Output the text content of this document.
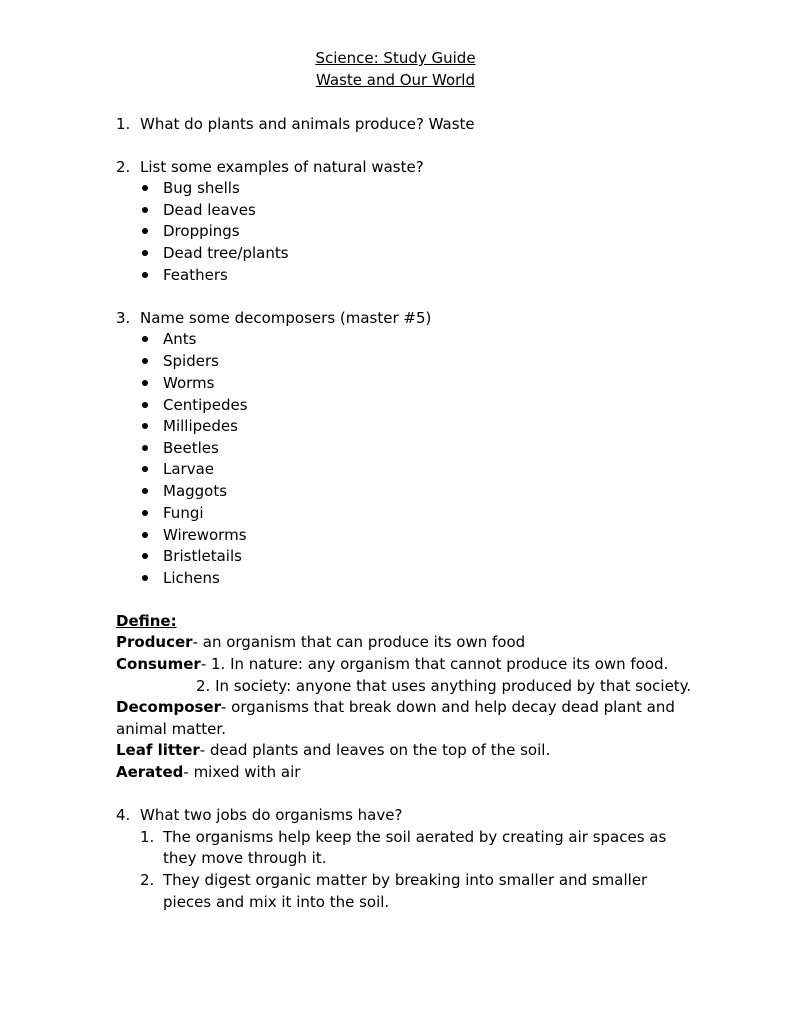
Science: Study Guide
Waste and Our World
1. What do plants and animals produce? Waste
2. List some examples of natural waste?
Bug shells
Dead leaves
Droppings
Dead tree/plants
Feathers
3. Name some decomposers (master #5)
Ants
Spiders
Worms
Centipedes
Millipedes
Beetles
Larvae
Maggots
Fungi
Wireworms
Bristletails
Lichens
Define:
Producer- an organism that can produce its own food
Consumer- 1. In nature: any organism that cannot produce its own food.
2. In society: anyone that uses anything produced by that society.
Decomposer- organisms that break down and help decay dead plant and
animal matter.
Leaf litter- dead plants and leaves on the top of the soil.
Aerated- mixed with air
4. What two jobs do organisms have?
1. The organisms help keep the soil aerated by creating air spaces as
they move through it.
2. They digest organic matter by breaking into smaller and smaller
pieces and mix it into the soil.
